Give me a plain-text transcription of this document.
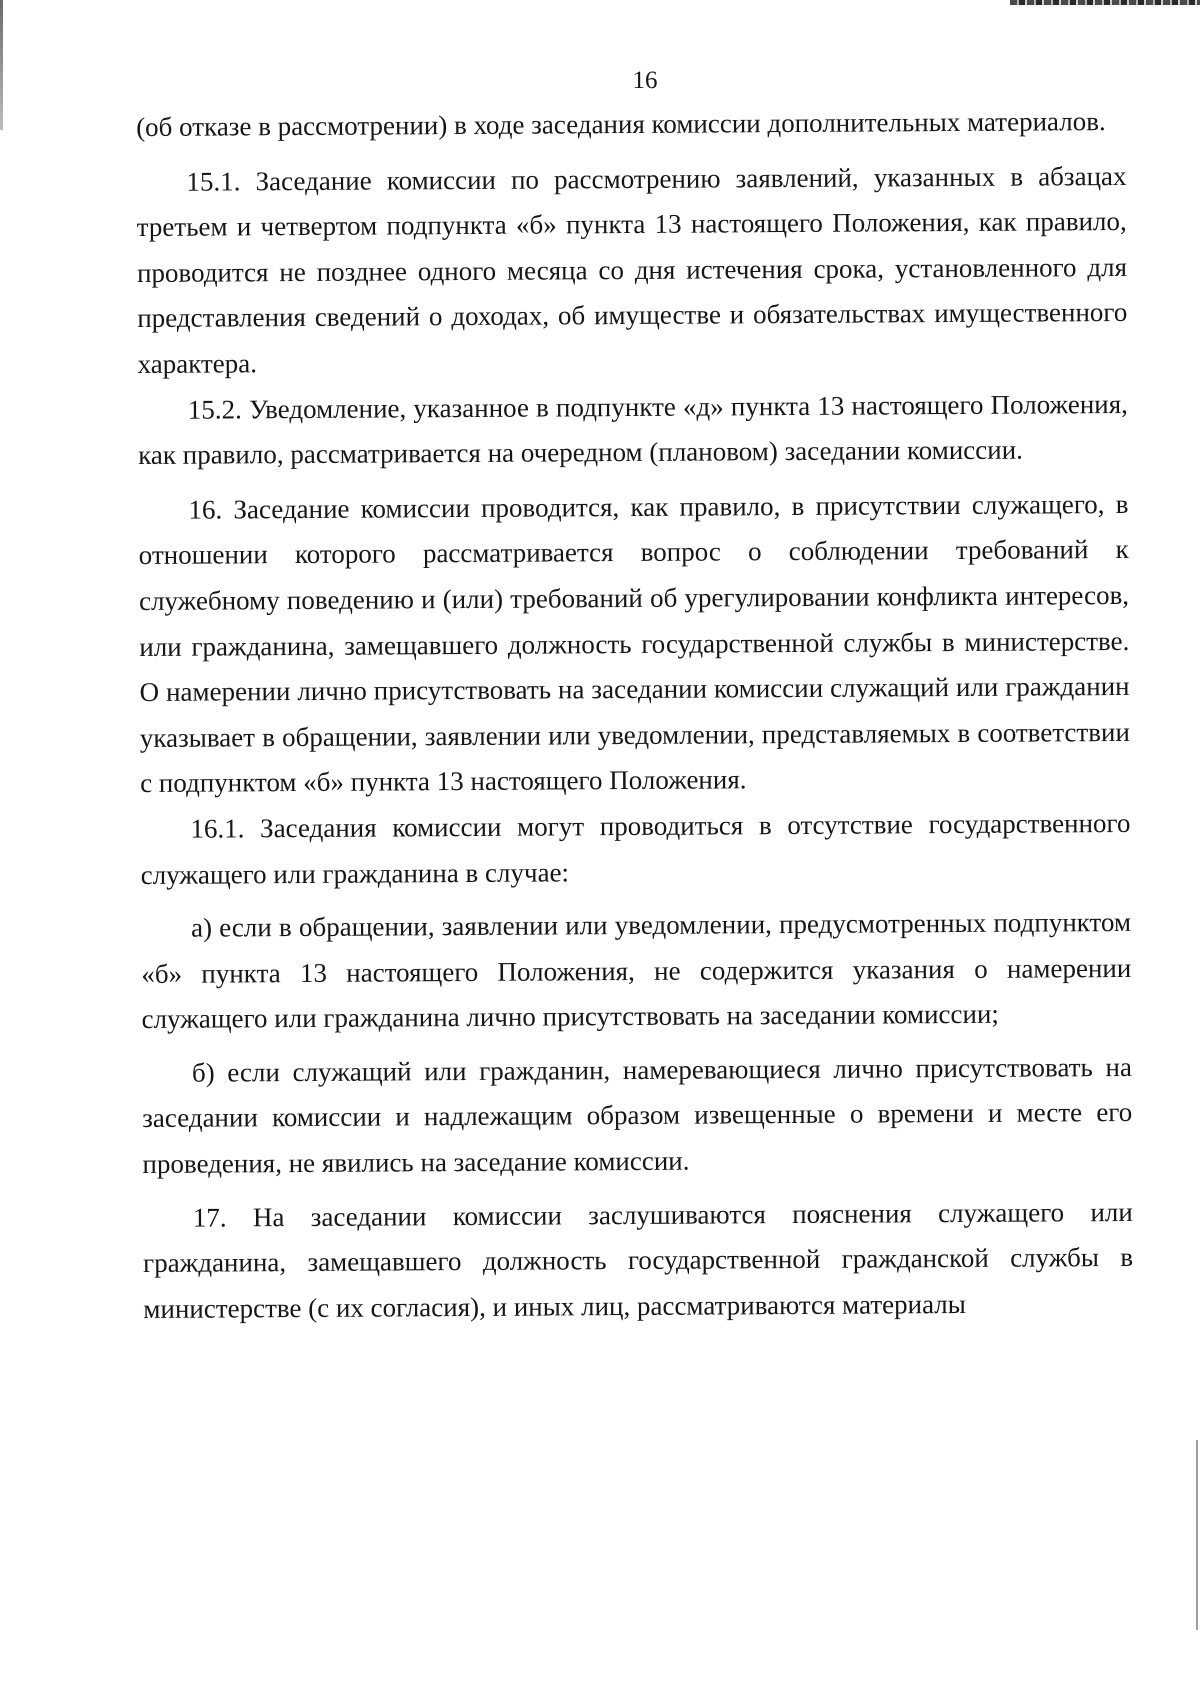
16

(об отказе в рассмотрении) в ходе заседания комиссии дополнительных материалов.

15.1. Заседание комиссии по рассмотрению заявлений, указанных в абзацах третьем и четвертом подпункта «б» пункта 13 настоящего Положения, как правило, проводится не позднее одного месяца со дня истечения срока, установленного для представления сведений о доходах, об имуществе и обязательствах имущественного характера.

15.2. Уведомление, указанное в подпункте «д» пункта 13 настоящего Положения, как правило, рассматривается на очередном (плановом) заседании комиссии.

16. Заседание комиссии проводится, как правило, в присутствии служащего, в отношении которого рассматривается вопрос о соблюдении требований к служебному поведению и (или) требований об урегулировании конфликта интересов, или гражданина, замещавшего должность государственной службы в министерстве. О намерении лично присутствовать на заседании комиссии служащий или гражданин указывает в обращении, заявлении или уведомлении, представляемых в соответствии с подпунктом «б» пункта 13 настоящего Положения.

16.1. Заседания комиссии могут проводиться в отсутствие государственного служащего или гражданина в случае:

а) если в обращении, заявлении или уведомлении, предусмотренных подпунктом «б» пункта 13 настоящего Положения, не содержится указания о намерении служащего или гражданина лично присутствовать на заседании комиссии;

б) если служащий или гражданин, намеревающиеся лично присутствовать на заседании комиссии и надлежащим образом извещенные о времени и месте его проведения, не явились на заседание комиссии.

17. На заседании комиссии заслушиваются пояснения служащего или гражданина, замещавшего должность государственной гражданской службы в министерстве (с их согласия), и иных лиц, рассматриваются материалы
